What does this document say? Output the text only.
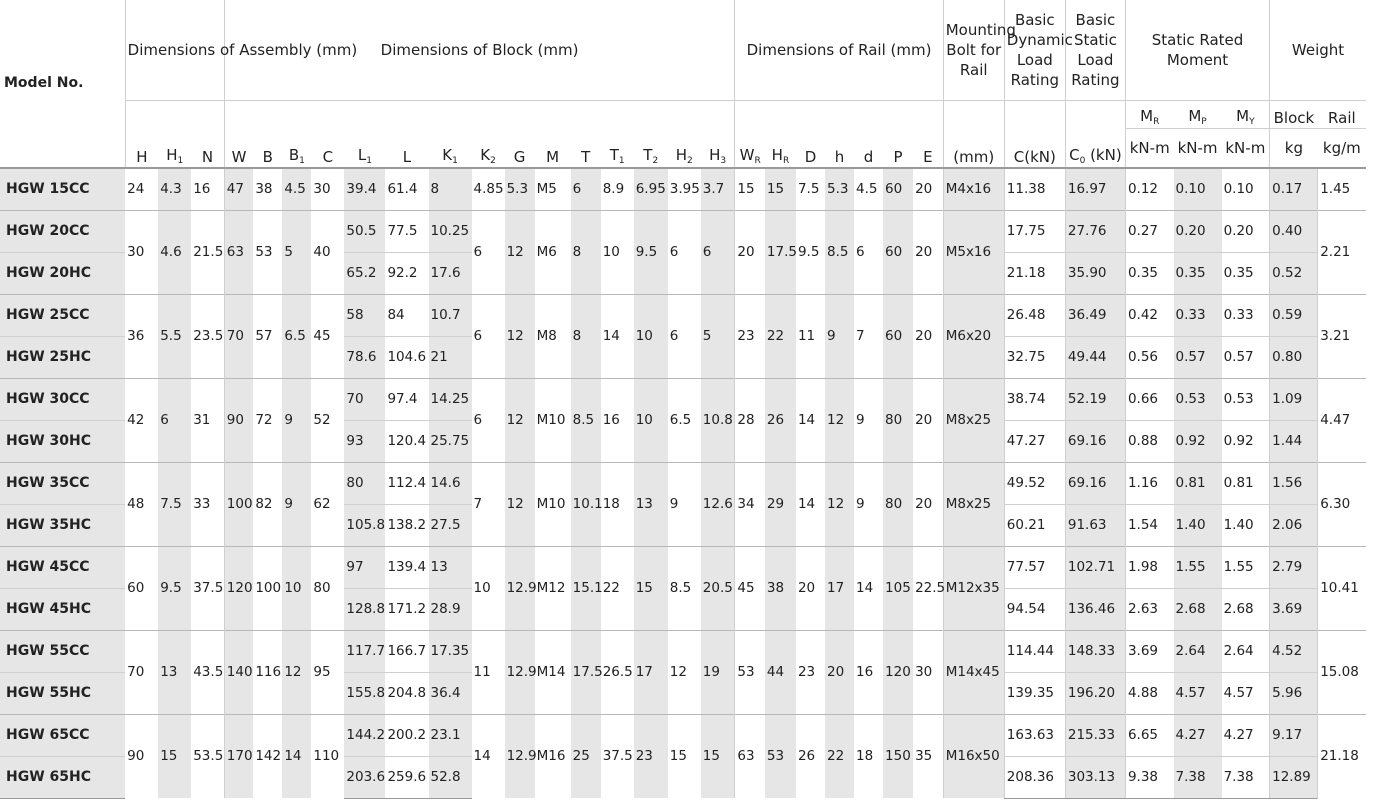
Model No.	Dimensions of Assembly (mm)			Dimensions of Block (mm)															Dimensions of Rail (mm)							Mounting Bolt for Rail	Basic Dynamic Load Rating	Basic Static Load Rating	Static Rated Moment			Weight	
	H	$H_1$	N	W	B	$B_1$	C	$L_1$	L	$K_1$	$K_2$	G	M	T	$T_1$	$T_2$	$H_2$	$H_3$	$W_R$	$H_R$	D	h	d	P	E	(mm)	C(kN)	$C_0$ (kN)	$M_R$	$M_P$	$M_Y$	Block	Rail
																													kN-m	kN-m	kN-m	kg	kg/m
HGW 15CC	24	4.3	16	47	38	4.5	30	39.4	61.4	8	4.85	5.3	M5	6	8.9	6.95	3.95	3.7	15	15	7.5	5.3	4.5	60	20	M4x16	11.38	16.97	0.12	0.10	0.10	0.17	1.45
HGW 20CC	30	4.6	21.5	63	53	5	40	50.5	77.5	10.25	6	12	M6	8	10	9.5	6	6	20	17.5	9.5	8.5	6	60	20	M5x16	17.75	27.76	0.27	0.20	0.20	0.40	2.21
HGW 20HC								65.2	92.2	17.6																	21.18	35.90	0.35	0.35	0.35	0.52	
HGW 25CC	36	5.5	23.5	70	57	6.5	45	58	84	10.7	6	12	M8	8	14	10	6	5	23	22	11	9	7	60	20	M6x20	26.48	36.49	0.42	0.33	0.33	0.59	3.21
HGW 25HC								78.6	104.6	21																	32.75	49.44	0.56	0.57	0.57	0.80	
HGW 30CC	42	6	31	90	72	9	52	70	97.4	14.25	6	12	M10	8.5	16	10	6.5	10.8	28	26	14	12	9	80	20	M8x25	38.74	52.19	0.66	0.53	0.53	1.09	4.47
HGW 30HC								93	120.4	25.75																	47.27	69.16	0.88	0.92	0.92	1.44	
HGW 35CC	48	7.5	33	100	82	9	62	80	112.4	14.6	7	12	M10	10.1	18	13	9	12.6	34	29	14	12	9	80	20	M8x25	49.52	69.16	1.16	0.81	0.81	1.56	6.30
HGW 35HC								105.8	138.2	27.5																	60.21	91.63	1.54	1.40	1.40	2.06	
HGW 45CC	60	9.5	37.5	120	100	10	80	97	139.4	13	10	12.9	M12	15.1	22	15	8.5	20.5	45	38	20	17	14	105	22.5	M12x35	77.57	102.71	1.98	1.55	1.55	2.79	10.41
HGW 45HC								128.8	171.2	28.9																	94.54	136.46	2.63	2.68	2.68	3.69	
HGW 55CC	70	13	43.5	140	116	12	95	117.7	166.7	17.35	11	12.9	M14	17.5	26.5	17	12	19	53	44	23	20	16	120	30	M14x45	114.44	148.33	3.69	2.64	2.64	4.52	15.08
HGW 55HC								155.8	204.8	36.4																	139.35	196.20	4.88	4.57	4.57	5.96	
HGW 65CC	90	15	53.5	170	142	14	110	144.2	200.2	23.1	14	12.9	M16	25	37.5	23	15	15	63	53	26	22	18	150	35	M16x50	163.63	215.33	6.65	4.27	4.27	9.17	21.18
HGW 65HC								203.6	259.6	52.8																	208.36	303.13	9.38	7.38	7.38	12.89	
